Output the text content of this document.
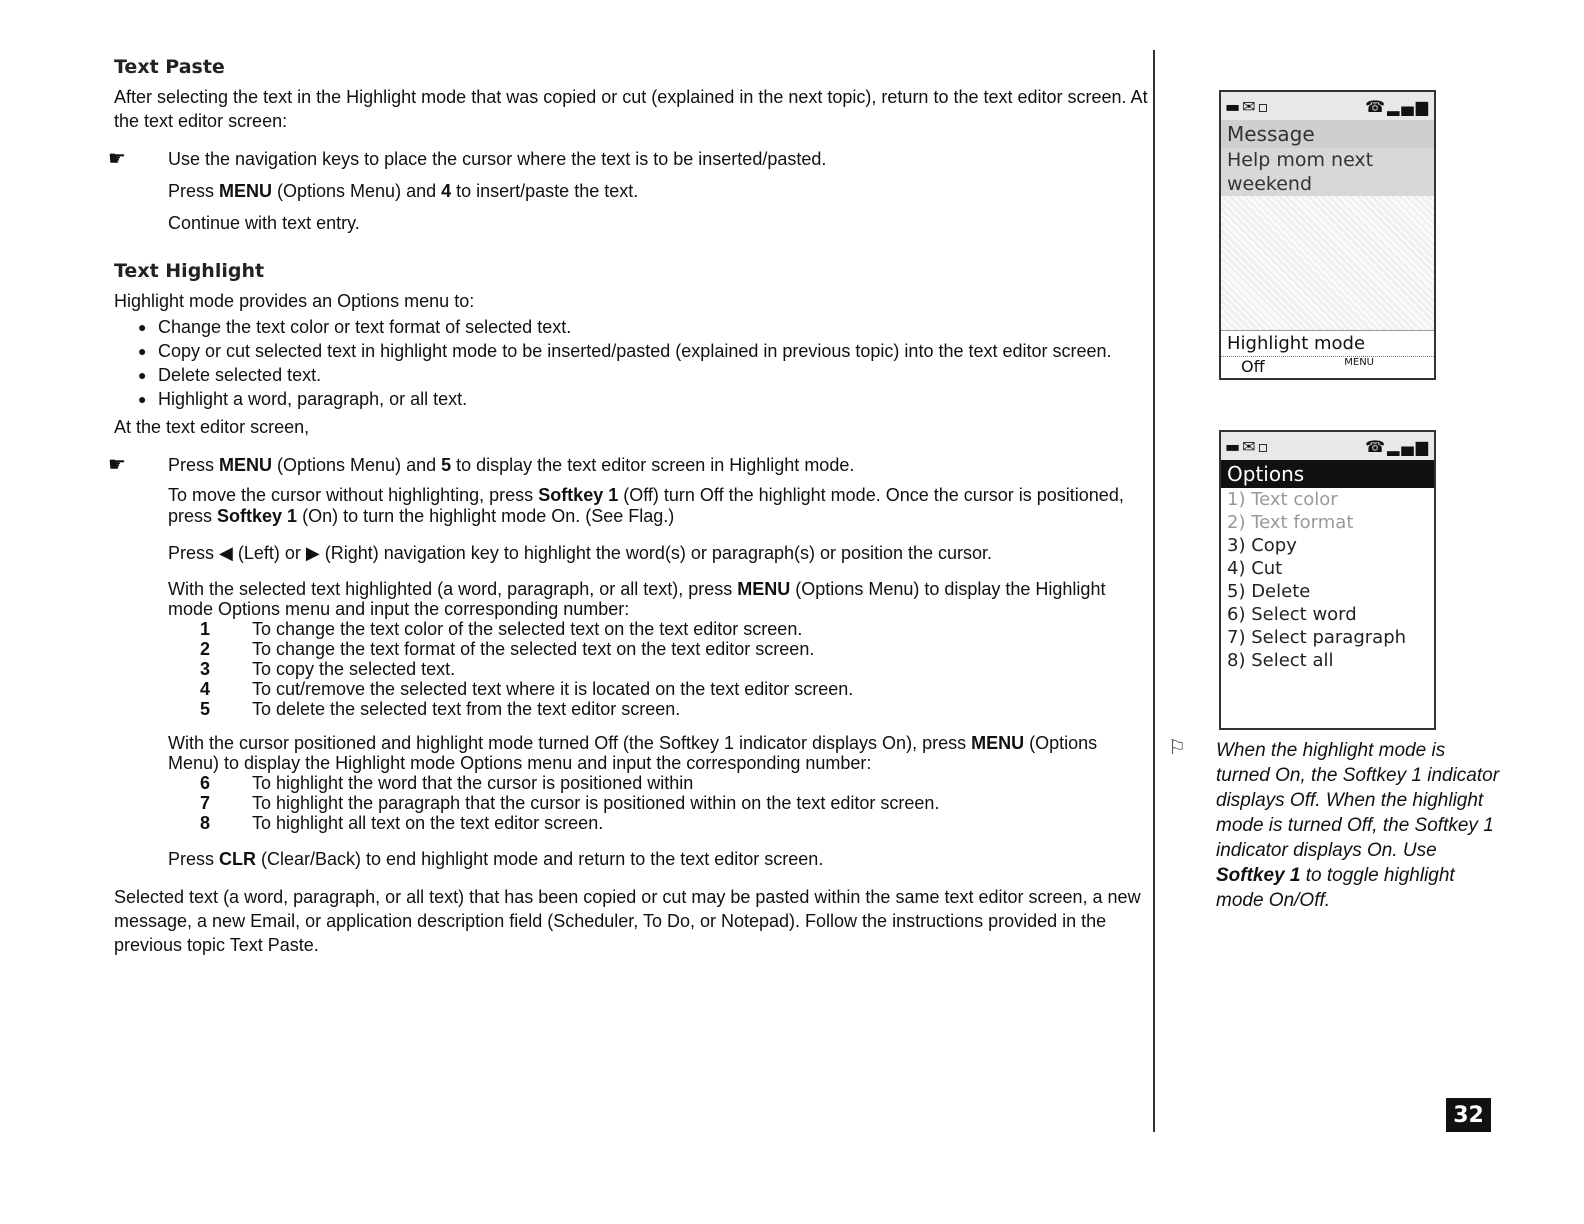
Text Paste

After selecting the text in the Highlight mode that was copied or cut (explained in the next topic), return to the text editor screen. At the text editor screen:

☛ Use the navigation keys to place the cursor where the text is to be inserted/pasted.

Press MENU (Options Menu) and 4 to insert/paste the text.

Continue with text entry.

Text Highlight

Highlight mode provides an Options menu to:

● Change the text color or text format of selected text.
● Copy or cut selected text in highlight mode to be inserted/pasted (explained in previous topic) into the text editor screen.
● Delete selected text.
● Highlight a word, paragraph, or all text.

At the text editor screen,

☛ Press MENU (Options Menu) and 5 to display the text editor screen in Highlight mode.

To move the cursor without highlighting, press Softkey 1 (Off) turn Off the highlight mode. Once the cursor is positioned, press Softkey 1 (On) to turn the highlight mode On. (See Flag.)

Press ◀ (Left) or ▶ (Right) navigation key to highlight the word(s) or paragraph(s) or position the cursor.

With the selected text highlighted (a word, paragraph, or all text), press MENU (Options Menu) to display the Highlight mode Options menu and input the corresponding number:

1	To change the text color of the selected text on the text editor screen.
2	To change the text format of the selected text on the text editor screen.
3	To copy the selected text.
4	To cut/remove the selected text where it is located on the text editor screen.
5	To delete the selected text from the text editor screen.

With the cursor positioned and highlight mode turned Off (the Softkey 1 indicator displays On), press MENU (Options Menu) to display the Highlight mode Options menu and input the corresponding number:

6	To highlight the word that the cursor is positioned within
7	To highlight the paragraph that the cursor is positioned within on the text editor screen.
8	To highlight all text on the text editor screen.

Press CLR (Clear/Back) to end highlight mode and return to the text editor screen.

Selected text (a word, paragraph, or all text) that has been copied or cut may be pasted within the same text editor screen, a new message, a new Email, or application description field (Scheduler, To Do, or Notepad). Follow the instructions provided in the previous topic Text Paste.

▬✉▫	☎▂▄▆
Message
Help mom next
weekend
Highlight mode
Off	MENU
▬✉▫	☎▂▄▆
Options
1) Text color
2) Text format
3) Copy
4) Cut
5) Delete
6) Select word
7) Select paragraph
8) Select all
⚐ When the highlight mode is turned On, the Softkey 1 indicator displays Off. When the highlight mode is turned Off, the Softkey 1 indicator displays On. Use Softkey 1 to toggle highlight mode On/Off.
32
